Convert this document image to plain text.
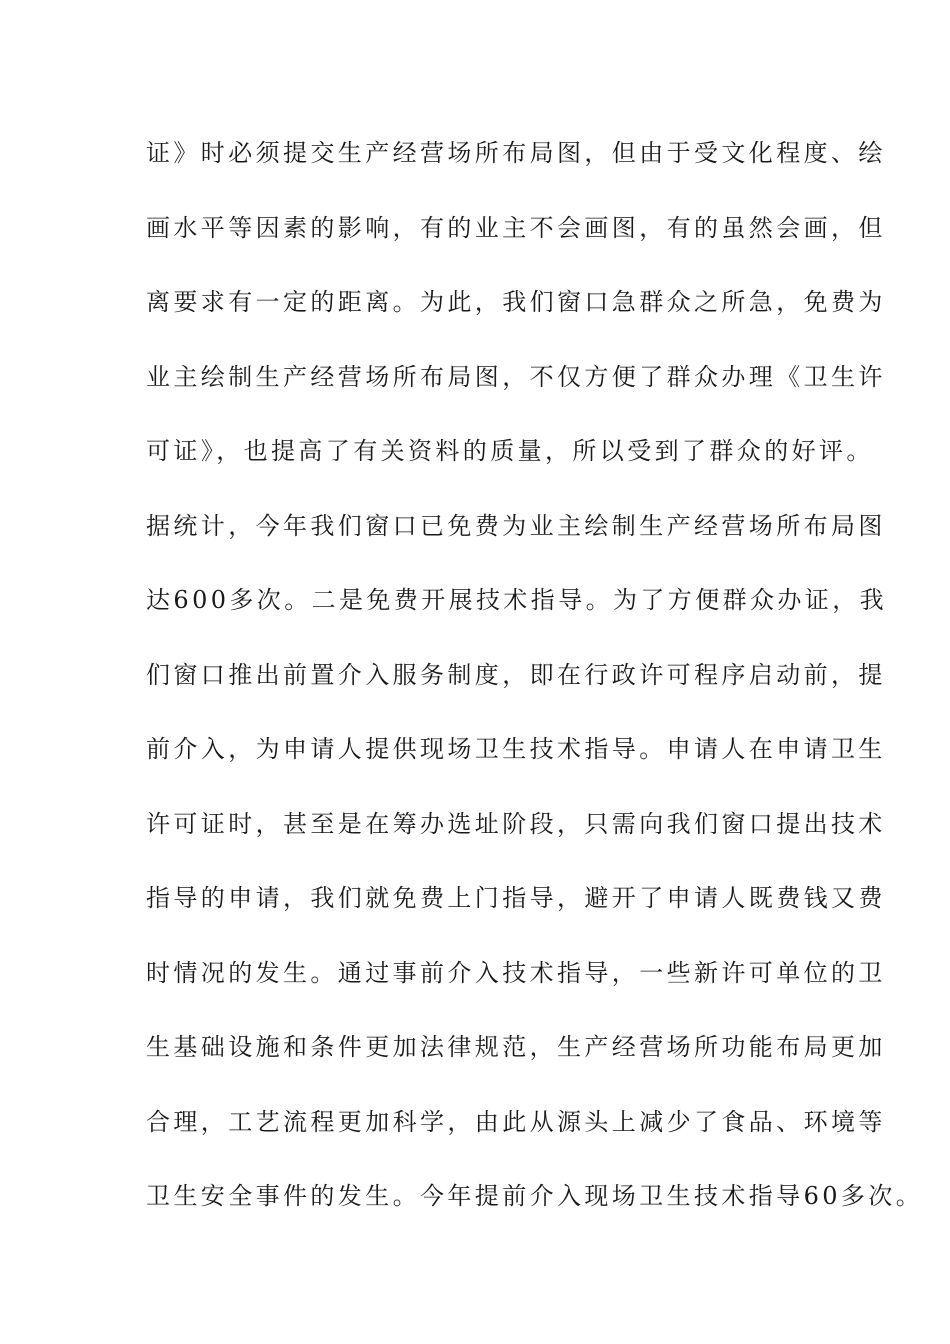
证》时必须提交生产经营场所布局图，但由于受文化程度、绘
画水平等因素的影响，有的业主不会画图，有的虽然会画，但
离要求有一定的距离。为此，我们窗口急群众之所急，免费为
业主绘制生产经营场所布局图，不仅方便了群众办理《卫生许
可证》，也提高了有关资料的质量，所以受到了群众的好评。
据统计，今年我们窗口已免费为业主绘制生产经营场所布局图
达600多次。二是免费开展技术指导。为了方便群众办证，我
们窗口推出前置介入服务制度，即在行政许可程序启动前，提
前介入，为申请人提供现场卫生技术指导。申请人在申请卫生
许可证时，甚至是在筹办选址阶段，只需向我们窗口提出技术
指导的申请，我们就免费上门指导，避开了申请人既费钱又费
时情况的发生。通过事前介入技术指导，一些新许可单位的卫
生基础设施和条件更加法律规范，生产经营场所功能布局更加
合理，工艺流程更加科学，由此从源头上减少了食品、环境等
卫生安全事件的发生。今年提前介入现场卫生技术指导60多次。
